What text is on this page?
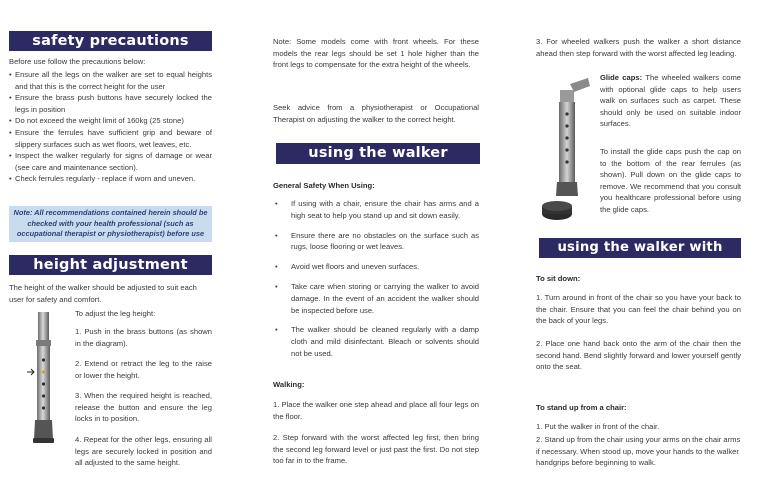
safety precautions

Before use follow the precautions below:

• Ensure all the legs on the walker are set to equal heights and that this is the correct height for the user
• Ensure the brass push buttons have securely locked the legs in position
• Do not exceed the weight limit of 160kg (25 stone)
• Ensure the ferrules have sufficient grip and beware of slippery surfaces such as wet floors, wet leaves, etc.
• Inspect the walker regularly for signs of damage or wear (see care and maintenance section).
• Check ferrules regularly - replace if worn and uneven.
Note: All recommendations contained herein should be checked with your health professional (such as occupational therapist or physiotherapist) before use
height adjustment

The height of the walker should be adjusted to suit each user for safety and comfort.

To adjust the leg height:

1. Push in the brass buttons (as shown in the diagram).

2. Extend or retract the leg to the raise or lower the height.

3. When the required height is reached, release the button and ensure the leg locks in to position.

4. Repeat for the other legs, ensuring all legs are securely locked in position and all adjusted to the same height.

Note: Some models come with front wheels. For these models the rear legs should be set 1 hole higher than the front legs to compensate for the extra height of the wheels.

Seek advice from a physiotherapist or Occupational Therapist on adjusting the walker to the correct height.

using the walker

General Safety When Using:

• If using with a chair, ensure the chair has arms and a high seat to help you stand up and sit down easily.
• Ensure there are no obstacles on the surface such as rugs, loose flooring or wet leaves.
• Avoid wet floors and uneven surfaces.
• Take care when storing or carrying the walker to avoid damage. In the event of an accident the walker should be inspected before use.
• The walker should be cleaned regularly with a damp cloth and mild disinfectant. Bleach or solvents should not be used.

Walking:

1. Place the walker one step ahead and place all four legs on the floor.

2. Step forward with the worst affected leg first, then bring the second leg forward level or just past the first. Do not step too far in to the frame.

3. For wheeled walkers push the walker a short distance ahead then step forward with the worst affected leg leading.

Glide caps: The wheeled walkers come with optional glide caps to help users walk on surfaces such as carpet. These should only be used on suitable indoor surfaces.

To install the glide caps push the cap on to the bottom of the rear ferrules (as shown). Pull down on the glide caps to remove. We recommend that you consult you healthcare professional before using the glide caps.

using the walker with chairs

To sit down:

1. Turn around in front of the chair so you have your back to the chair. Ensure that you can feel the chair behind you on the back of your legs.

2. Place one hand back onto the arm of the chair then the second hand. Bend slightly forward and lower yourself gently onto the seat.

To stand up from a chair:

1. Put the walker in front of the chair.

2. Stand up from the chair using your arms on the chair arms if necessary. When stood up, move your hands to the walker handgrips before beginning to walk.
